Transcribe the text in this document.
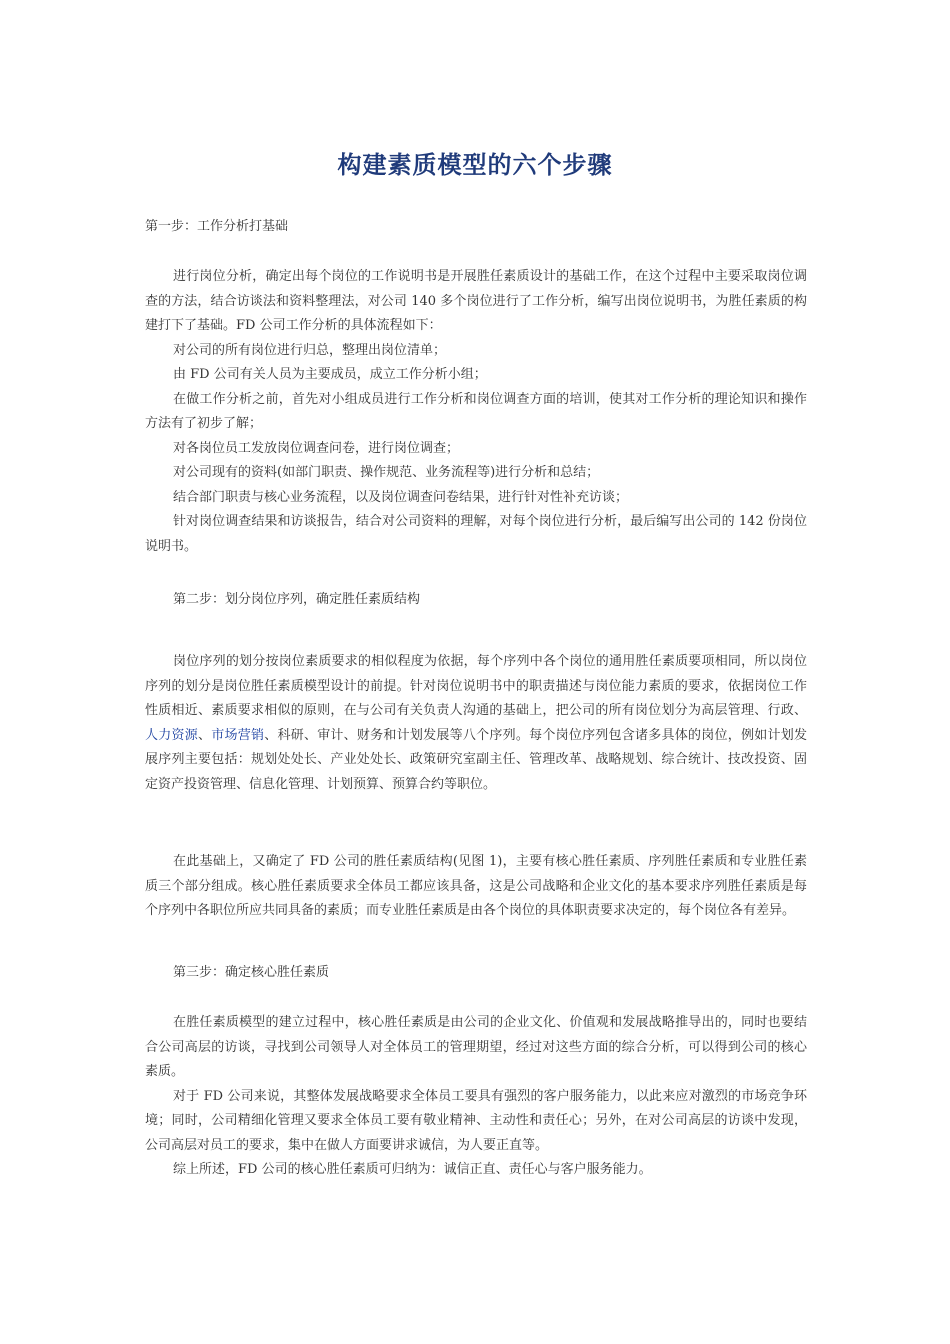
构建素质模型的六个步骤

第一步：工作分析打基础

进行岗位分析，确定出每个岗位的工作说明书是开展胜任素质设计的基础工作，在这个过程中主要采取岗位调查的方法，结合访谈法和资料整理法，对公司 140 多个岗位进行了工作分析，编写出岗位说明书，为胜任素质的构建打下了基础。FD 公司工作分析的具体流程如下：

对公司的所有岗位进行归总，整理出岗位清单；

由 FD 公司有关人员为主要成员，成立工作分析小组；

在做工作分析之前，首先对小组成员进行工作分析和岗位调查方面的培训，使其对工作分析的理论知识和操作方法有了初步了解；

对各岗位员工发放岗位调查问卷，进行岗位调查；

对公司现有的资料(如部门职责、操作规范、业务流程等)进行分析和总结；

结合部门职责与核心业务流程，以及岗位调查问卷结果，进行针对性补充访谈；

针对岗位调查结果和访谈报告，结合对公司资料的理解，对每个岗位进行分析，最后编写出公司的 142 份岗位说明书。

第二步：划分岗位序列，确定胜任素质结构

岗位序列的划分按岗位素质要求的相似程度为依据，每个序列中各个岗位的通用胜任素质要项相同，所以岗位序列的划分是岗位胜任素质模型设计的前提。针对岗位说明书中的职责描述与岗位能力素质的要求，依据岗位工作性质相近、素质要求相似的原则，在与公司有关负责人沟通的基础上，把公司的所有岗位划分为高层管理、行政、人力资源、市场营销、科研、审计、财务和计划发展等八个序列。每个岗位序列包含诸多具体的岗位，例如计划发展序列主要包括：规划处处长、产业处处长、政策研究室副主任、管理改革、战略规划、综合统计、技改投资、固定资产投资管理、信息化管理、计划预算、预算合约等职位。

在此基础上，又确定了 FD 公司的胜任素质结构(见图 1)，主要有核心胜任素质、序列胜任素质和专业胜任素质三个部分组成。核心胜任素质要求全体员工都应该具备，这是公司战略和企业文化的基本要求序列胜任素质是每个序列中各职位所应共同具备的素质；而专业胜任素质是由各个岗位的具体职责要求决定的，每个岗位各有差异。

第三步：确定核心胜任素质

在胜任素质模型的建立过程中，核心胜任素质是由公司的企业文化、价值观和发展战略推导出的，同时也要结合公司高层的访谈，寻找到公司领导人对全体员工的管理期望，经过对这些方面的综合分析，可以得到公司的核心素质。

对于 FD 公司来说，其整体发展战略要求全体员工要具有强烈的客户服务能力，以此来应对激烈的市场竞争环境；同时，公司精细化管理又要求全体员工要有敬业精神、主动性和责任心；另外，在对公司高层的访谈中发现，公司高层对员工的要求，集中在做人方面要讲求诚信，为人要正直等。

综上所述，FD 公司的核心胜任素质可归纳为：诚信正直、责任心与客户服务能力。
